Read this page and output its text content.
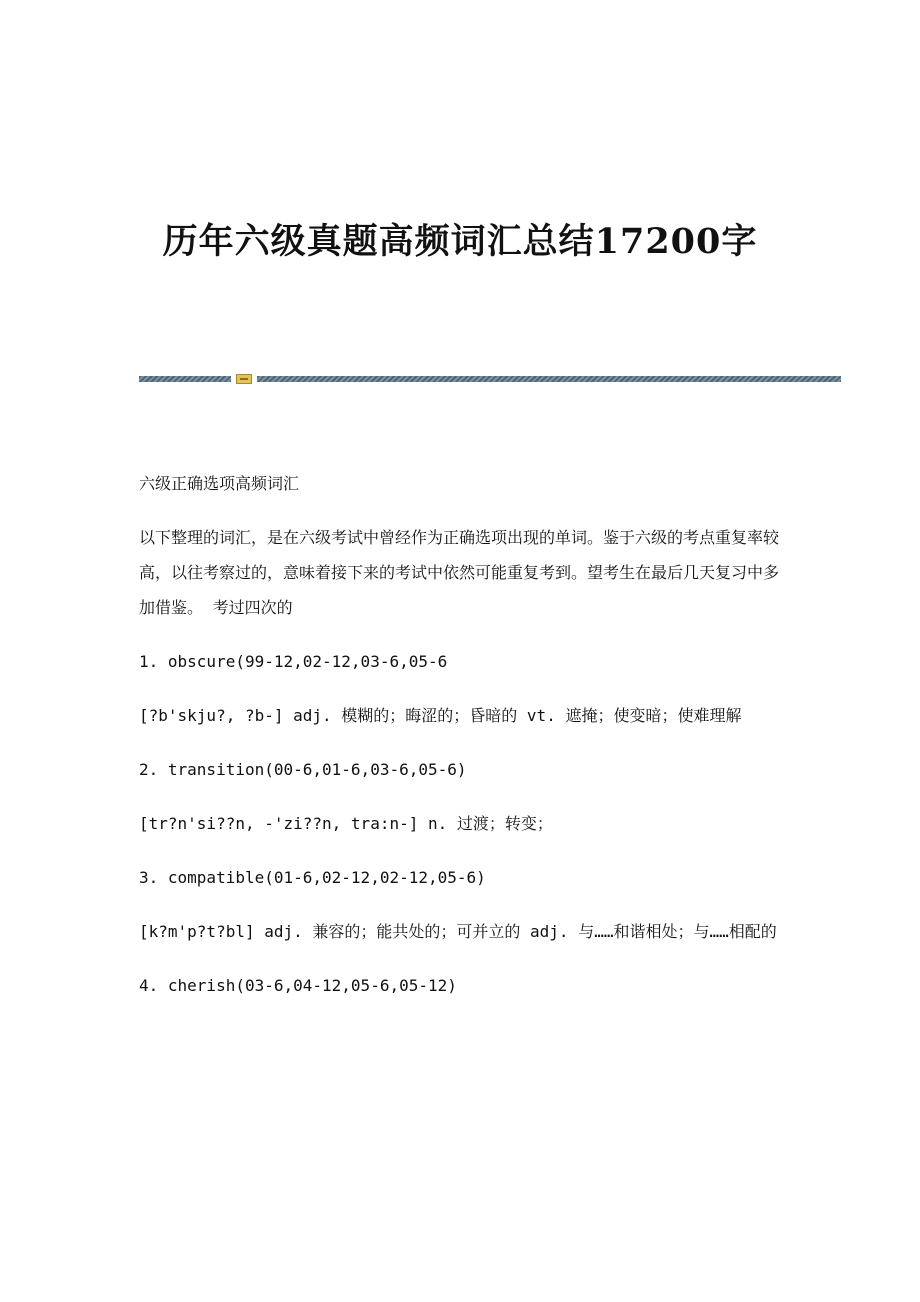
历年六级真题高频词汇总结17200字

六级正确选项高频词汇

以下整理的词汇，是在六级考试中曾经作为正确选项出现的单词。鉴于六级的考点重复率较高，以往考察过的，意味着接下来的考试中依然可能重复考到。望考生在最后几天复习中多加借鉴。 考过四次的

1. obscure(99-12,02-12,03-6,05-6

[?b'skju?, ?b-] adj. 模糊的；晦涩的；昏暗的 vt. 遮掩；使变暗；使难理解

2. transition(00-6,01-6,03-6,05-6)

[tr?n'si??n, -'zi??n, tra:n-] n. 过渡；转变；

3. compatible(01-6,02-12,02-12,05-6)

[k?m'p?t?bl] adj. 兼容的；能共处的；可并立的 adj. 与……和谐相处；与……相配的

4. cherish(03-6,04-12,05-6,05-12)
